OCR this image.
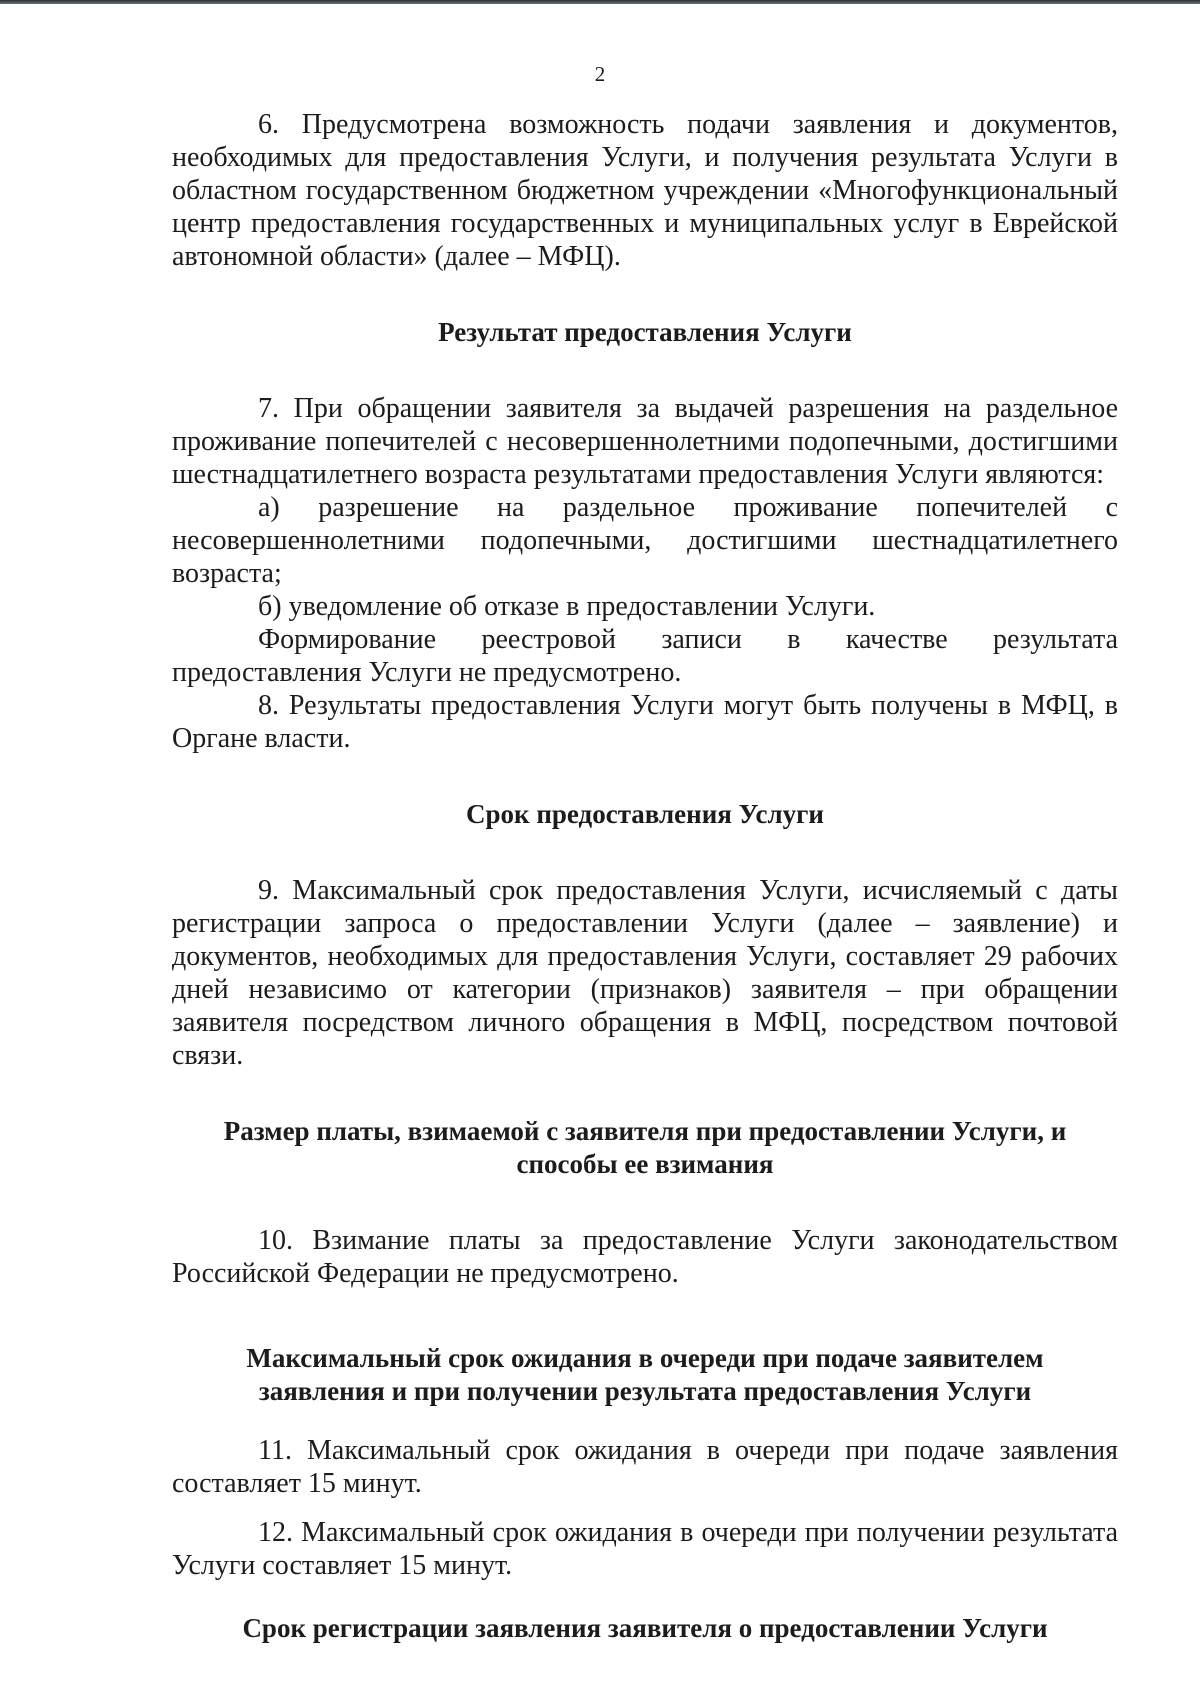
2

6. Предусмотрена возможность подачи заявления и документов, необходимых для предоставления Услуги, и получения результата Услуги в областном государственном бюджетном учреждении «Многофункциональный центр предоставления государственных и муниципальных услуг в Еврейской автономной области» (далее – МФЦ).

Результат предоставления Услуги

7. При обращении заявителя за выдачей разрешения на раздельное проживание попечителей с несовершеннолетними подопечными, достигшими шестнадцатилетнего возраста результатами предоставления Услуги являются:

а) разрешение на раздельное проживание попечителей с несовершеннолетними подопечными, достигшими шестнадцатилетнего возраста;

б) уведомление об отказе в предоставлении Услуги.

Формирование реестровой записи в качестве результата предоставления Услуги не предусмотрено.

8. Результаты предоставления Услуги могут быть получены в МФЦ, в Органе власти.

Срок предоставления Услуги

9. Максимальный срок предоставления Услуги, исчисляемый с даты регистрации запроса о предоставлении Услуги (далее – заявление) и документов, необходимых для предоставления Услуги, составляет 29 рабочих дней независимо от категории (признаков) заявителя – при обращении заявителя посредством личного обращения в МФЦ, посредством почтовой связи.

Размер платы, взимаемой с заявителя при предоставлении Услуги, и

способы ее взимания

10. Взимание платы за предоставление Услуги законодательством Российской Федерации не предусмотрено.

Максимальный срок ожидания в очереди при подаче заявителем

заявления и при получении результата предоставления Услуги

11. Максимальный срок ожидания в очереди при подаче заявления составляет 15 минут.

12. Максимальный срок ожидания в очереди при получении результата Услуги составляет 15 минут.

Срок регистрации заявления заявителя о предоставлении Услуги
